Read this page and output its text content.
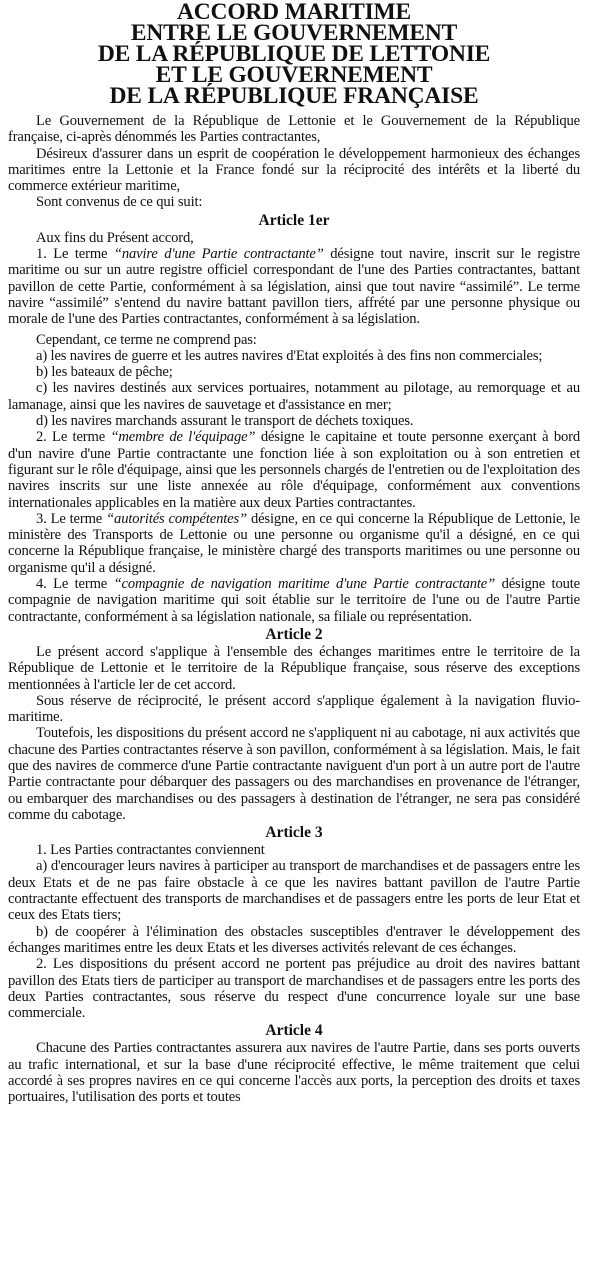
ACCORD MARITIME
ENTRE LE GOUVERNEMENT
DE LA RÉPUBLIQUE DE LETTONIE
ET LE GOUVERNEMENT
DE LA RÉPUBLIQUE FRANÇAISE

Le Gouvernement de la République de Lettonie et le Gouvernement de la République française, ci-après dénommés les Parties contractantes,

Désireux d'assurer dans un esprit de coopération le développement harmonieux des échanges maritimes entre la Lettonie et la France fondé sur la réciprocité des intérêts et la liberté du commerce extérieur maritime,

Sont convenus de ce qui suit:

Article 1er

Aux fins du Présent accord,

1. Le terme “navire d'une Partie contractante” désigne tout navire, inscrit sur le registre maritime ou sur un autre registre officiel correspondant de l'une des Parties contractantes, battant pavillon de cette Partie, conformément à sa législation, ainsi que tout navire “assimilé”. Le terme navire “assimilé” s'entend du navire battant pavillon tiers, affrété par une personne physique ou morale de l'une des Parties contractantes, conformément à sa législation.

Cependant, ce terme ne comprend pas:

a) les navires de guerre et les autres navires d'Etat exploités à des fins non commerciales;

b) les bateaux de pêche;

c) les navires destinés aux services portuaires, notamment au pilotage, au remorquage et au lamanage, ainsi que les navires de sauvetage et d'assistance en mer;

d) les navires marchands assurant le transport de déchets toxiques.

2. Le terme “membre de l'équipage” désigne le capitaine et toute personne exerçant à bord d'un navire d'une Partie contractante une fonction liée à son exploitation ou à son entretien et figurant sur le rôle d'équipage, ainsi que les personnels chargés de l'entretien ou de l'exploitation des navires inscrits sur une liste annexée au rôle d'équipage, conformément aux conventions internationales applicables en la matière aux deux Parties contractantes.

3. Le terme “autorités compétentes” désigne, en ce qui concerne la République de Lettonie, le ministère des Transports de Lettonie ou une personne ou organisme qu'il a désigné, en ce qui concerne la République française, le ministère chargé des transports maritimes ou une personne ou organisme qu'il a désigné.

4. Le terme “compagnie de navigation maritime d'une Partie contractante” désigne toute compagnie de navigation maritime qui soit établie sur le territoire de l'une ou de l'autre Partie contractante, conformément à sa législation nationale, sa filiale ou représentation.

Article 2

Le présent accord s'applique à l'ensemble des échanges maritimes entre le territoire de la République de Lettonie et le territoire de la République française, sous réserve des exceptions mentionnées à l'article ler de cet accord.

Sous réserve de réciprocité, le présent accord s'applique également à la navigation fluvio-maritime.

Toutefois, les dispositions du présent accord ne s'appliquent ni au cabotage, ni aux activités que chacune des Parties contractantes réserve à son pavillon, conformément à sa législation. Mais, le fait que des navires de commerce d'une Partie contractante naviguent d'un port à un autre port de l'autre Partie contractante pour débarquer des passagers ou des marchandises en provenance de l'étranger, ou embarquer des marchandises ou des passagers à destination de l'étranger, ne sera pas considéré comme du cabotage.

Article 3

1. Les Parties contractantes conviennent

a) d'encourager leurs navires à participer au transport de marchandises et de passagers entre les deux Etats et de ne pas faire obstacle à ce que les navires battant pavillon de l'autre Partie contractante effectuent des transports de marchandises et de passagers entre les ports de leur Etat et ceux des Etats tiers;

b) de coopérer à l'élimination des obstacles susceptibles d'entraver le développement des échanges maritimes entre les deux Etats et les diverses activités relevant de ces échanges.

2. Les dispositions du présent accord ne portent pas préjudice au droit des navires battant pavillon des Etats tiers de participer au transport de marchandises et de passagers entre les ports des deux Parties contractantes, sous réserve du respect d'une concurrence loyale sur une base commerciale.

Article 4

Chacune des Parties contractantes assurera aux navires de l'autre Partie, dans ses ports ouverts au trafic international, et sur la base d'une réciprocité effective, le même traitement que celui accordé à ses propres navires en ce qui concerne l'accès aux ports, la perception des droits et taxes portuaires, l'utilisation des ports et toutes
